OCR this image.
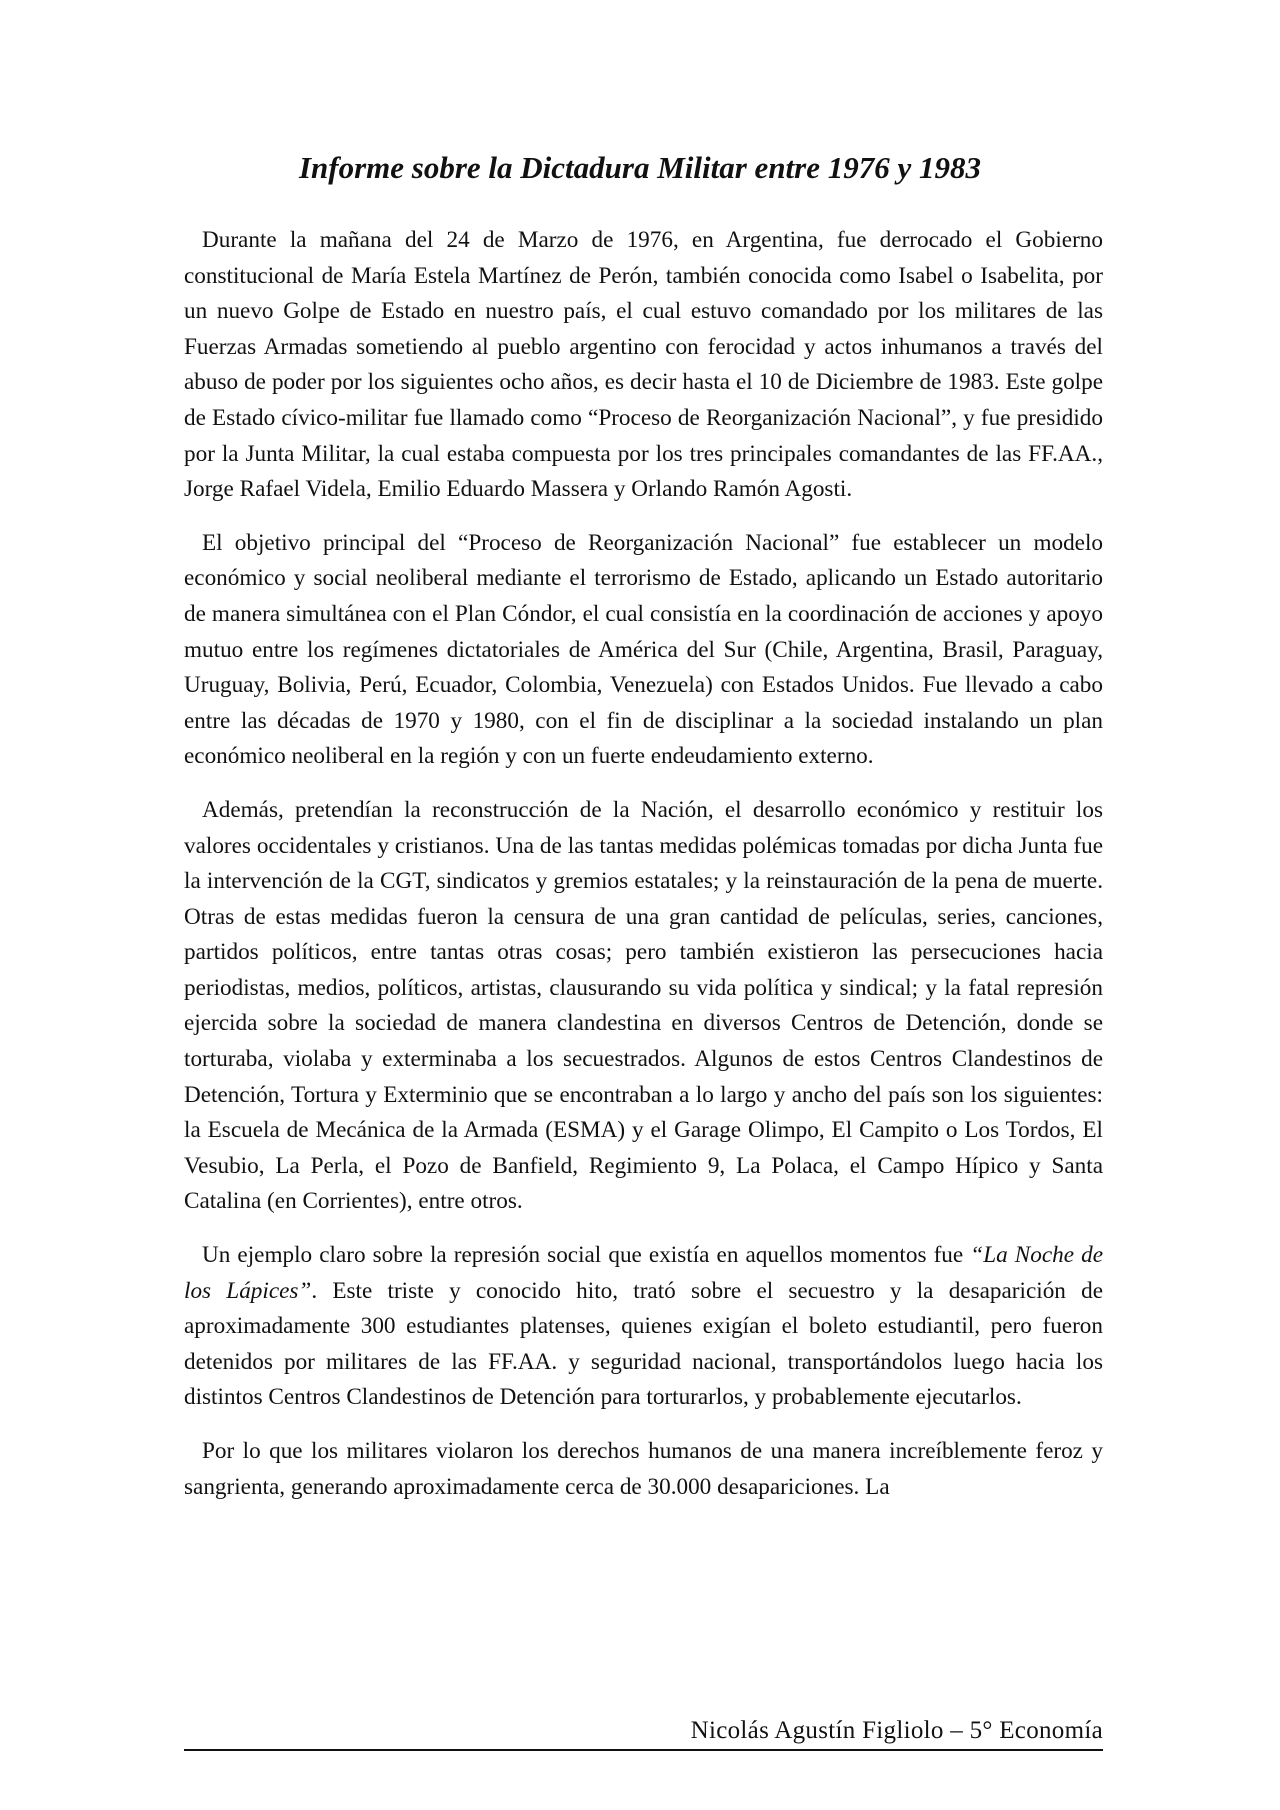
Informe sobre la Dictadura Militar entre 1976 y 1983

Durante la mañana del 24 de Marzo de 1976, en Argentina, fue derrocado el Gobierno constitucional de María Estela Martínez de Perón, también conocida como Isabel o Isabelita, por un nuevo Golpe de Estado en nuestro país, el cual estuvo comandado por los militares de las Fuerzas Armadas sometiendo al pueblo argentino con ferocidad y actos inhumanos a través del abuso de poder por los siguientes ocho años, es decir hasta el 10 de Diciembre de 1983. Este golpe de Estado cívico-militar fue llamado como “Proceso de Reorganización Nacional”, y fue presidido por la Junta Militar, la cual estaba compuesta por los tres principales comandantes de las FF.AA., Jorge Rafael Videla, Emilio Eduardo Massera y Orlando Ramón Agosti.

El objetivo principal del “Proceso de Reorganización Nacional” fue establecer un modelo económico y social neoliberal mediante el terrorismo de Estado, aplicando un Estado autoritario de manera simultánea con el Plan Cóndor, el cual consistía en la coordinación de acciones y apoyo mutuo entre los regímenes dictatoriales de América del Sur (Chile, Argentina, Brasil, Paraguay, Uruguay, Bolivia, Perú, Ecuador, Colombia, Venezuela) con Estados Unidos. Fue llevado a cabo entre las décadas de 1970 y 1980, con el fin de disciplinar a la sociedad instalando un plan económico neoliberal en la región y con un fuerte endeudamiento externo.

Además, pretendían la reconstrucción de la Nación, el desarrollo económico y restituir los valores occidentales y cristianos. Una de las tantas medidas polémicas tomadas por dicha Junta fue la intervención de la CGT, sindicatos y gremios estatales; y la reinstauración de la pena de muerte. Otras de estas medidas fueron la censura de una gran cantidad de películas, series, canciones, partidos políticos, entre tantas otras cosas; pero también existieron las persecuciones hacia periodistas, medios, políticos, artistas, clausurando su vida política y sindical; y la fatal represión ejercida sobre la sociedad de manera clandestina en diversos Centros de Detención, donde se torturaba, violaba y exterminaba a los secuestrados. Algunos de estos Centros Clandestinos de Detención, Tortura y Exterminio que se encontraban a lo largo y ancho del país son los siguientes: la Escuela de Mecánica de la Armada (ESMA) y el Garage Olimpo, El Campito o Los Tordos, El Vesubio, La Perla, el Pozo de Banfield, Regimiento 9, La Polaca, el Campo Hípico y Santa Catalina (en Corrientes), entre otros.

Un ejemplo claro sobre la represión social que existía en aquellos momentos fue “La Noche de los Lápices”. Este triste y conocido hito, trató sobre el secuestro y la desaparición de aproximadamente 300 estudiantes platenses, quienes exigían el boleto estudiantil, pero fueron detenidos por militares de las FF.AA. y seguridad nacional, transportándolos luego hacia los distintos Centros Clandestinos de Detención para torturarlos, y probablemente ejecutarlos.

Por lo que los militares violaron los derechos humanos de una manera increíblemente feroz y sangrienta, generando aproximadamente cerca de 30.000 desapariciones. La

Nicolás Agustín Figliolo – 5° Economía
